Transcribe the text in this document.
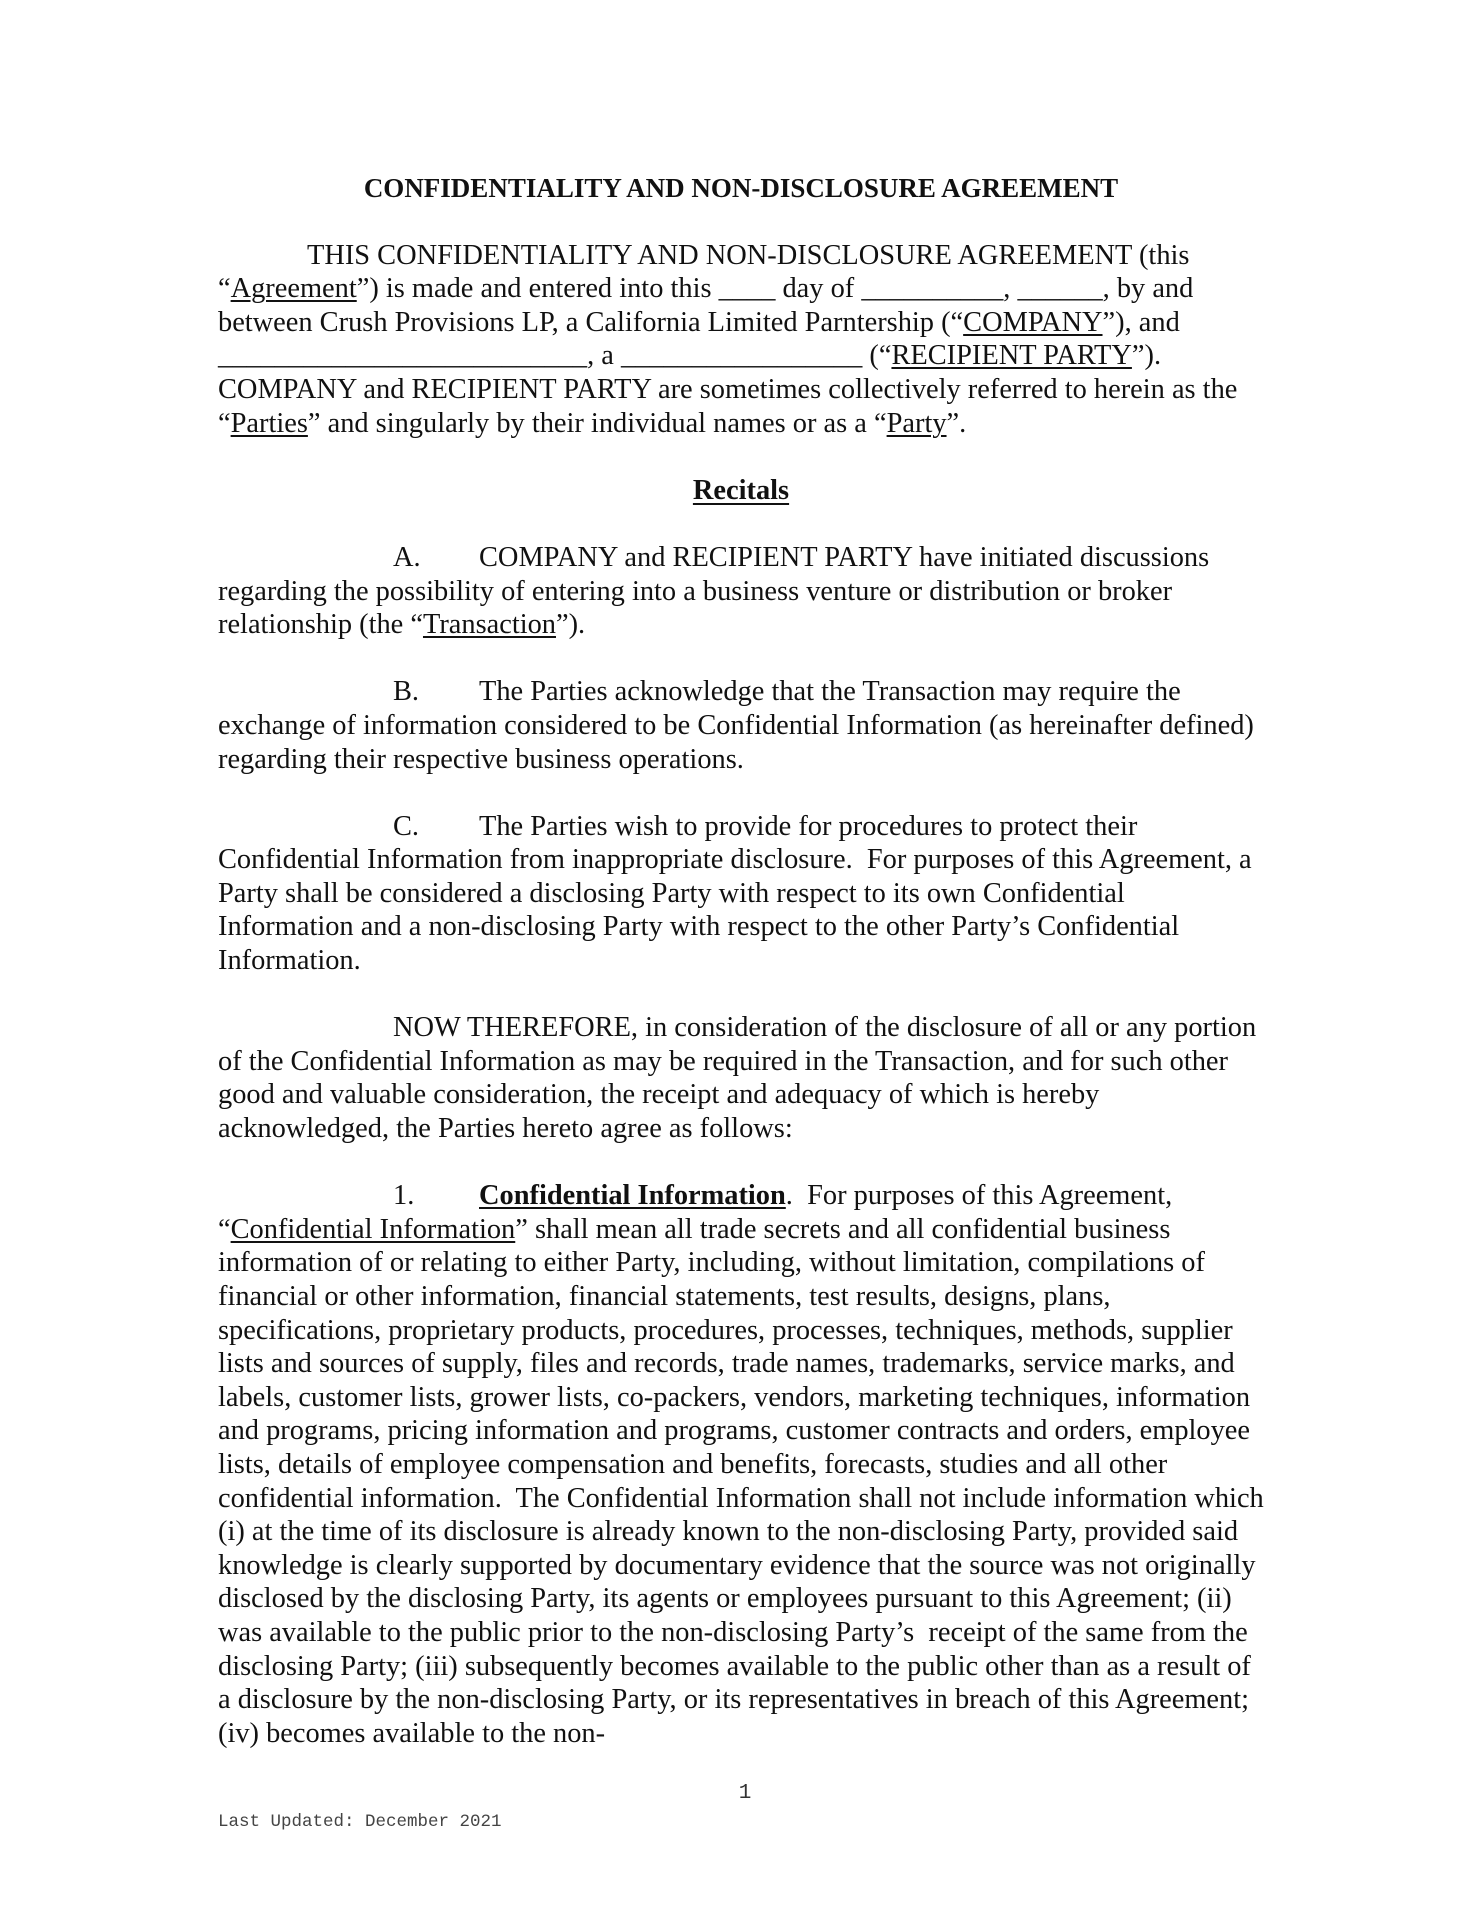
CONFIDENTIALITY AND NON-DISCLOSURE AGREEMENT

THIS CONFIDENTIALITY AND NON-DISCLOSURE AGREEMENT (this “Agreement”) is made and entered into this ____ day of __________, ______, by and between Crush Provisions LP, a California Limited Parntership (“COMPANY”), and __________________________, a _________________ (“RECIPIENT PARTY”). COMPANY and RECIPIENT PARTY are sometimes collectively referred to herein as the “Parties” and singularly by their individual names or as a “Party”.

Recitals

A. COMPANY and RECIPIENT PARTY have initiated discussions regarding the possibility of entering into a business venture or distribution or broker relationship (the “Transaction”).

B. The Parties acknowledge that the Transaction may require the exchange of information considered to be Confidential Information (as hereinafter defined) regarding their respective business operations.

C. The Parties wish to provide for procedures to protect their Confidential Information from inappropriate disclosure.  For purposes of this Agreement, a Party shall be considered a disclosing Party with respect to its own Confidential Information and a non-disclosing Party with respect to the other Party’s Confidential Information.

NOW THEREFORE, in consideration of the disclosure of all or any portion of the Confidential Information as may be required in the Transaction, and for such other good and valuable consideration, the receipt and adequacy of which is hereby acknowledged, the Parties hereto agree as follows:

1. Confidential Information.  For purposes of this Agreement, “Confidential Information” shall mean all trade secrets and all confidential business information of or relating to either Party, including, without limitation, compilations of financial or other information, financial statements, test results, designs, plans, specifications, proprietary products, procedures, processes, techniques, methods, supplier lists and sources of supply, files and records, trade names, trademarks, service marks, and labels, customer lists, grower lists, co-packers, vendors, marketing techniques, information and programs, pricing information and programs, customer contracts and orders, employee lists, details of employee compensation and benefits, forecasts, studies and all other confidential information.  The Confidential Information shall not include information which (i) at the time of its disclosure is already known to the non-disclosing Party, provided said knowledge is clearly supported by documentary evidence that the source was not originally disclosed by the disclosing Party, its agents or employees pursuant to this Agreement; (ii) was available to the public prior to the non-disclosing Party’s  receipt of the same from the disclosing Party; (iii) subsequently becomes available to the public other than as a result of a disclosure by the non-disclosing Party, or its representatives in breach of this Agreement; (iv) becomes available to the non-

1
Last Updated: December 2021
